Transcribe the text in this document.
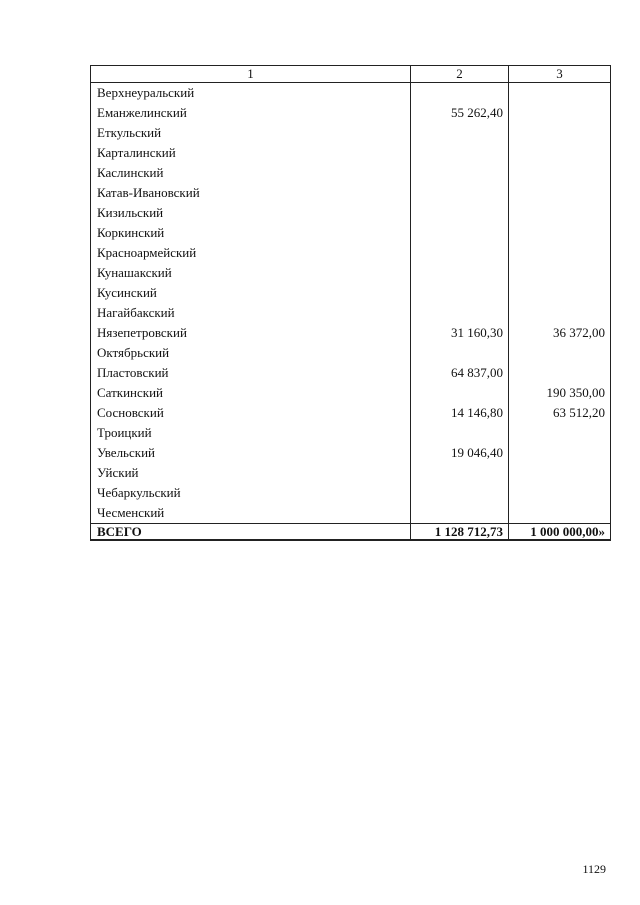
1	2	3
Верхнеуральский		
Еманжелинский	55 262,40	
Еткульский		
Карталинский		
Каслинский		
Катав-Ивановский		
Кизильский		
Коркинский		
Красноармейский		
Кунашакский		
Кусинский		
Нагайбакский		
Нязепетровский	31 160,30	36 372,00
Октябрьский		
Пластовский	64 837,00	
Саткинский		190 350,00
Сосновский	14 146,80	63 512,20
Троицкий		
Увельский	19 046,40	
Уйский		
Чебаркульский		
Чесменский		
ВСЕГО	1 128 712,73	1 000 000,00»
1129
